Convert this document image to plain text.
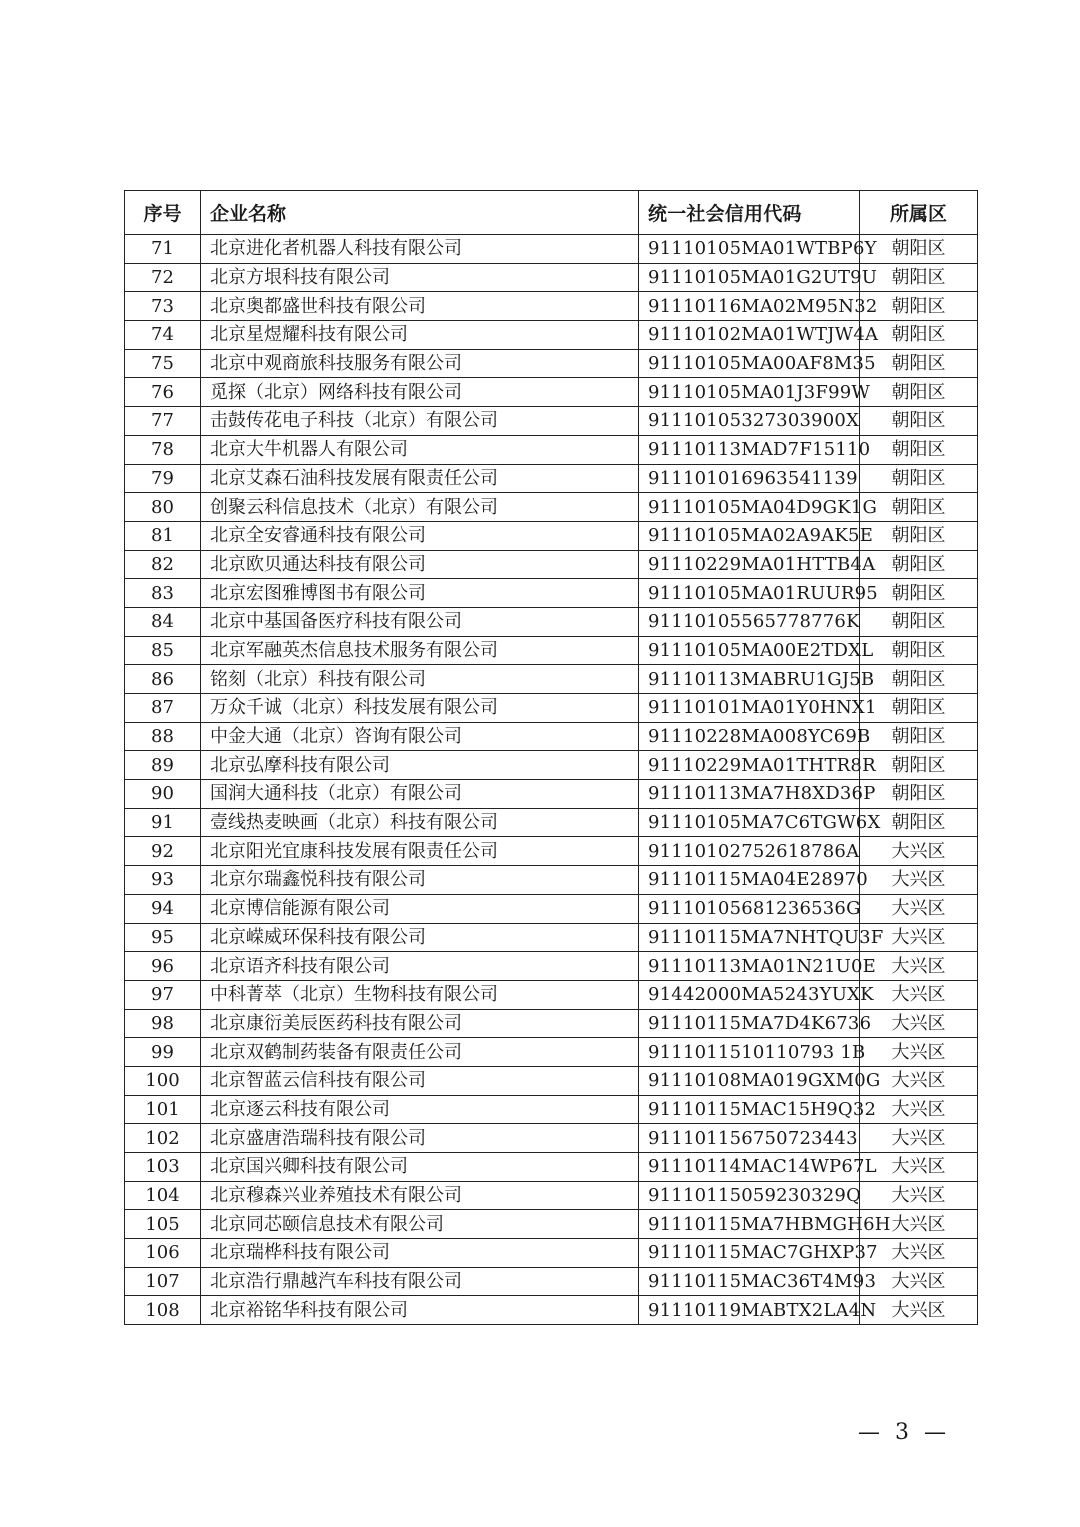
序号	企业名称	统一社会信用代码	所属区
71	北京进化者机器人科技有限公司	91110105MA01WTBP6Y	朝阳区
72	北京方垠科技有限公司	91110105MA01G2UT9U	朝阳区
73	北京奥都盛世科技有限公司	91110116MA02M95N32	朝阳区
74	北京星煜耀科技有限公司	91110102MA01WTJW4A	朝阳区
75	北京中观商旅科技服务有限公司	91110105MA00AF8M35	朝阳区
76	觅探（北京）网络科技有限公司	91110105MA01J3F99W	朝阳区
77	击鼓传花电子科技（北京）有限公司	91110105327303900X	朝阳区
78	北京大牛机器人有限公司	91110113MAD7F15110	朝阳区
79	北京艾森石油科技发展有限责任公司	911101016963541139	朝阳区
80	创聚云科信息技术（北京）有限公司	91110105MA04D9GK1G	朝阳区
81	北京全安睿通科技有限公司	91110105MA02A9AK5E	朝阳区
82	北京欧贝通达科技有限公司	91110229MA01HTTB4A	朝阳区
83	北京宏图雅博图书有限公司	91110105MA01RUUR95	朝阳区
84	北京中基国备医疗科技有限公司	91110105565778776K	朝阳区
85	北京军融英杰信息技术服务有限公司	91110105MA00E2TDXL	朝阳区
86	铭刻（北京）科技有限公司	91110113MABRU1GJ5B	朝阳区
87	万众千诚（北京）科技发展有限公司	91110101MA01Y0HNX1	朝阳区
88	中金大通（北京）咨询有限公司	91110228MA008YC69B	朝阳区
89	北京弘摩科技有限公司	91110229MA01THTR8R	朝阳区
90	国润大通科技（北京）有限公司	91110113MA7H8XD36P	朝阳区
91	壹线热麦映画（北京）科技有限公司	91110105MA7C6TGW6X	朝阳区
92	北京阳光宜康科技发展有限责任公司	91110102752618786A	大兴区
93	北京尔瑞鑫悦科技有限公司	91110115MA04E28970	大兴区
94	北京博信能源有限公司	91110105681236536G	大兴区
95	北京嵘威环保科技有限公司	91110115MA7NHTQU3F	大兴区
96	北京语齐科技有限公司	91110113MA01N21U0E	大兴区
97	中科菁萃（北京）生物科技有限公司	91442000MA5243YUXK	大兴区
98	北京康衍美辰医药科技有限公司	91110115MA7D4K6736	大兴区
99	北京双鹤制药装备有限责任公司	9111011510110793 1B	大兴区
100	北京智蓝云信科技有限公司	91110108MA019GXM0G	大兴区
101	北京逐云科技有限公司	91110115MAC15H9Q32	大兴区
102	北京盛唐浩瑞科技有限公司	911101156750723443	大兴区
103	北京国兴卿科技有限公司	91110114MAC14WP67L	大兴区
104	北京穆森兴业养殖技术有限公司	91110115059230329Q	大兴区
105	北京同芯颐信息技术有限公司	91110115MA7HBMGH6H	大兴区
106	北京瑞桦科技有限公司	91110115MAC7GHXP37	大兴区
107	北京浩行鼎越汽车科技有限公司	91110115MAC36T4M93	大兴区
108	北京裕铭华科技有限公司	91110119MABTX2LA4N	大兴区
— 3 —
